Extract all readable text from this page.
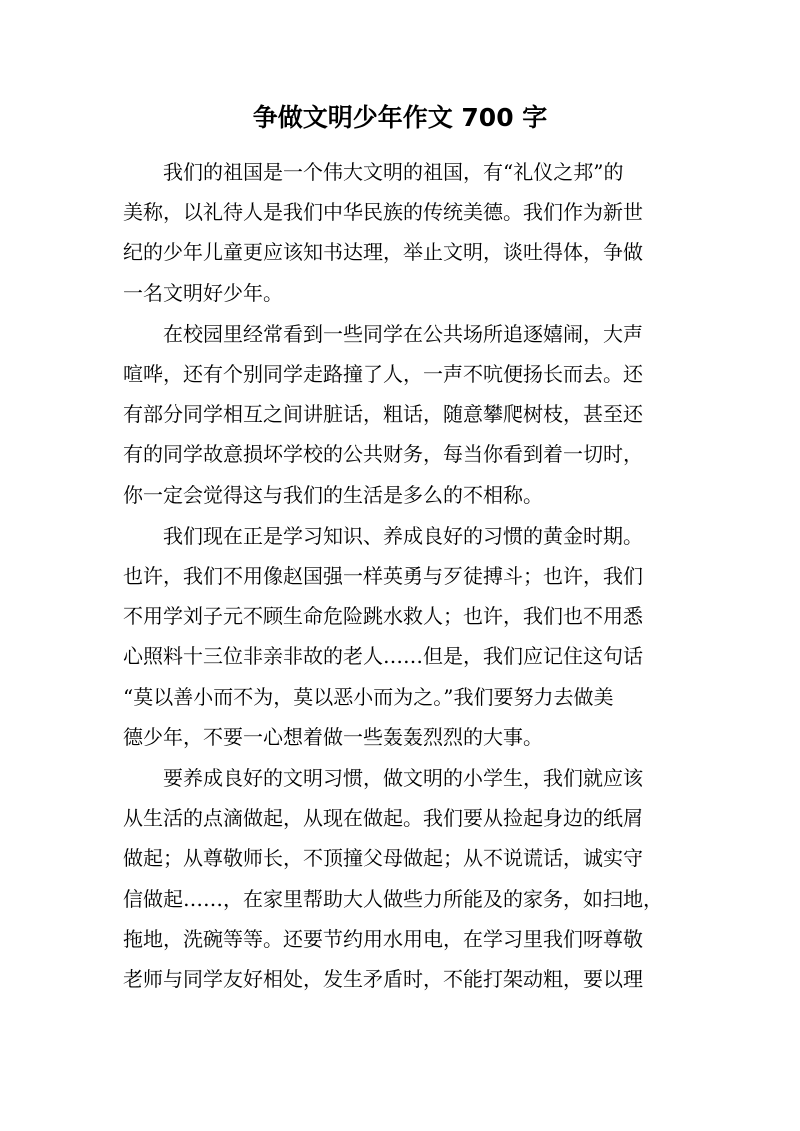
争做文明少年作文 700 字

我们的祖国是一个伟大文明的祖国，有“礼仪之邦”的
美称，以礼待人是我们中华民族的传统美德。我们作为新世
纪的少年儿童更应该知书达理，举止文明，谈吐得体，争做
一名文明好少年。

在校园里经常看到一些同学在公共场所追逐嬉闹，大声
喧哗，还有个别同学走路撞了人，一声不吭便扬长而去。还
有部分同学相互之间讲脏话，粗话，随意攀爬树枝，甚至还
有的同学故意损坏学校的公共财务，每当你看到着一切时，
你一定会觉得这与我们的生活是多么的不相称。

我们现在正是学习知识、养成良好的习惯的黄金时期。
也许，我们不用像赵国强一样英勇与歹徒搏斗；也许，我们
不用学刘子元不顾生命危险跳水救人；也许，我们也不用悉
心照料十三位非亲非故的老人……但是，我们应记住这句话
“莫以善小而不为，莫以恶小而为之。”我们要努力去做美
德少年，不要一心想着做一些轰轰烈烈的大事。

要养成良好的文明习惯，做文明的小学生，我们就应该
从生活的点滴做起，从现在做起。我们要从捡起身边的纸屑
做起；从尊敬师长，不顶撞父母做起；从不说谎话，诚实守
信做起……，在家里帮助大人做些力所能及的家务，如扫地，
拖地，洗碗等等。还要节约用水用电，在学习里我们呀尊敬
老师与同学友好相处，发生矛盾时，不能打架动粗，要以理
